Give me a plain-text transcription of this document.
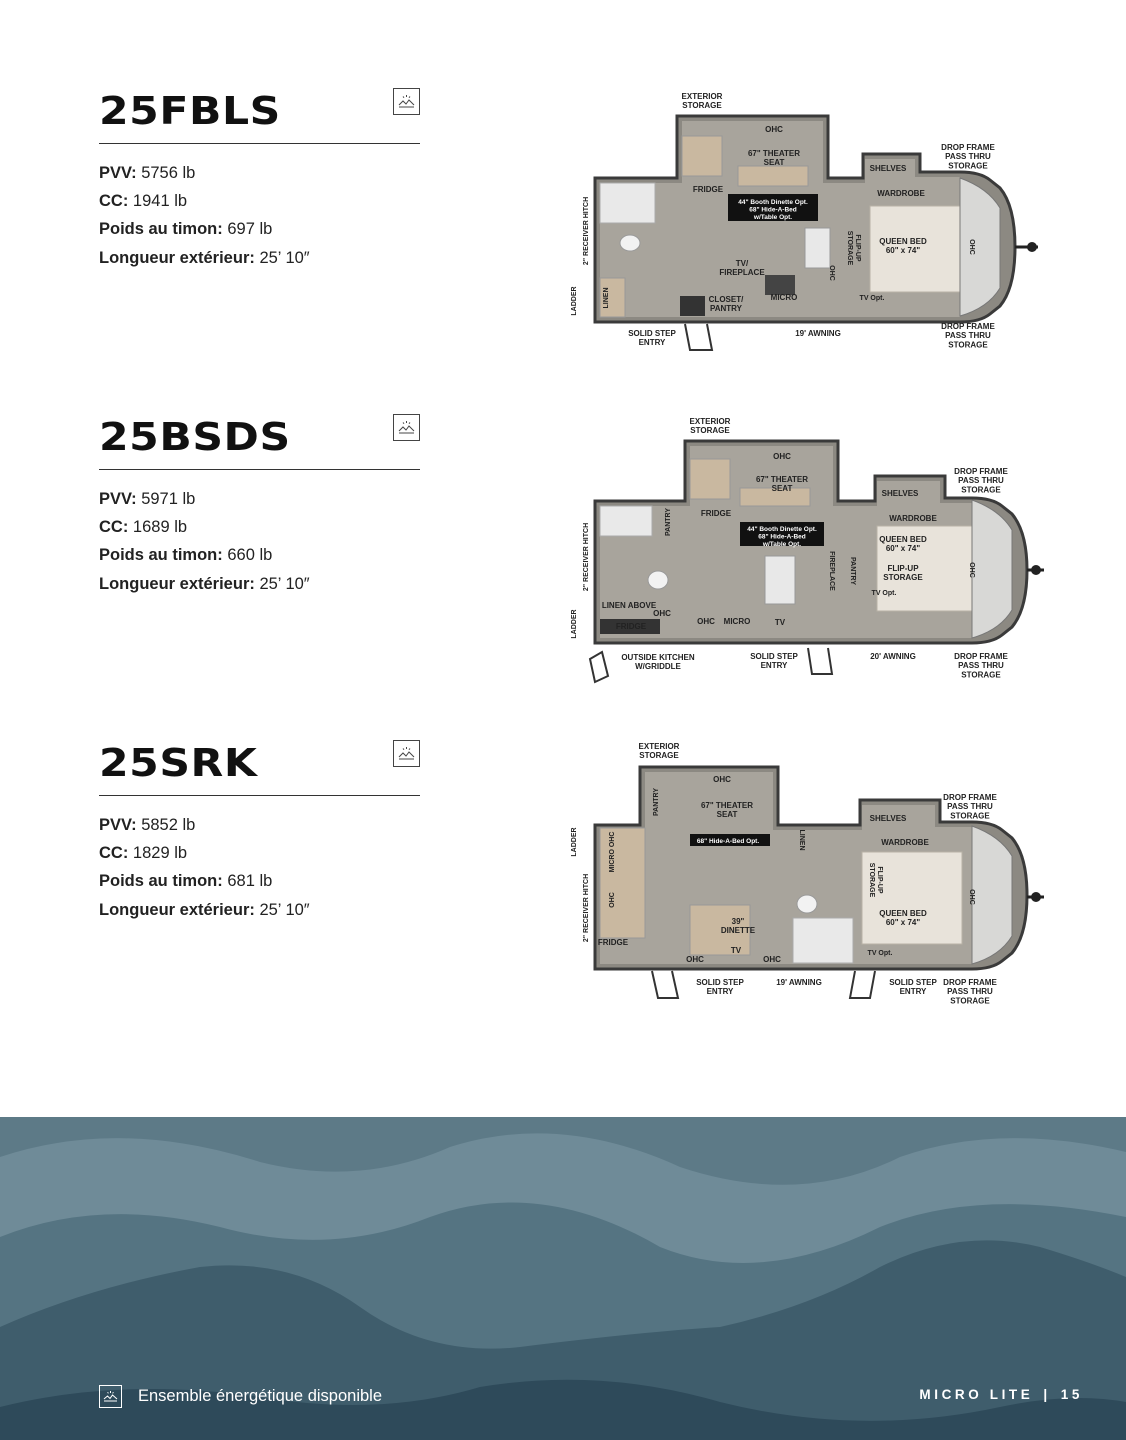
25FBLS
PVV: 5756 lb
CC: 1941 lb
Poids au timon: 697 lb
Longueur extérieur: 25’ 10″
25BSDS
PVV: 5971 lb
CC: 1689 lb
Poids au timon: 660 lb
Longueur extérieur: 25’ 10″
25SRK
PVV: 5852 lb
CC: 1829 lb
Poids au timon: 681 lb
Longueur extérieur: 25’ 10″
EXTERIOR STORAGE
OHC
67" THEATER SEAT
FRIDGE
44" Booth Dinette Opt. 68" Hide-A-Bed w/Table Opt.
SHELVES
WARDROBE
QUEEN BED 60" x 74"
FLIP-UPSTORAGE
OHC
OHC
TV/ FIREPLACE
CLOSET/ PANTRY
MICRO	TV Opt.
LINEN
LADDER
2" RECEIVER HITCH
SOLID STEP ENTRY
19' AWNING
DROP FRAME PASS THRU STORAGE
DROP FRAME PASS THRU STORAGE
EXTERIOR STORAGE
OHC
67" THEATER SEAT
FRIDGE
PANTRY	44" Booth Dinette Opt. 68" Hide-A-Bed w/Table Opt.
SHELVES
WARDROBE
QUEEN BED 60" x 74"
FLIP-UP STORAGE
FIREPLACE PANTRY
TV Opt.
OHC
LINEN ABOVE
OHC
FRIDGE
OHC MICRO	TV
LADDER
2" RECEIVER HITCH
OUTSIDE KITCHEN W/GRIDDLE
SOLID STEP ENTRY
20' AWNING
DROP FRAME PASS THRU STORAGE
DROP FRAME PASS THRU STORAGE
EXTERIOR STORAGE
OHC
67" THEATER SEAT
PANTRY
68" Hide-A-Bed Opt.	LINEN
SHELVES
WARDROBE
FLIP-UPSTORAGE
QUEEN BED 60" x 74"
OHC
MICRO OHC
OHC
39" DINETTE
TV
FRIDGE
OHC	OHC
TV Opt.
LADDER
2" RECEIVER HITCH
SOLID STEP ENTRY
19' AWNING	SOLID STEP ENTRY
DROP FRAME PASS THRU STORAGE
DROP FRAME PASS THRU STORAGE
Ensemble énergétique disponible	MICRO LITE | 15
